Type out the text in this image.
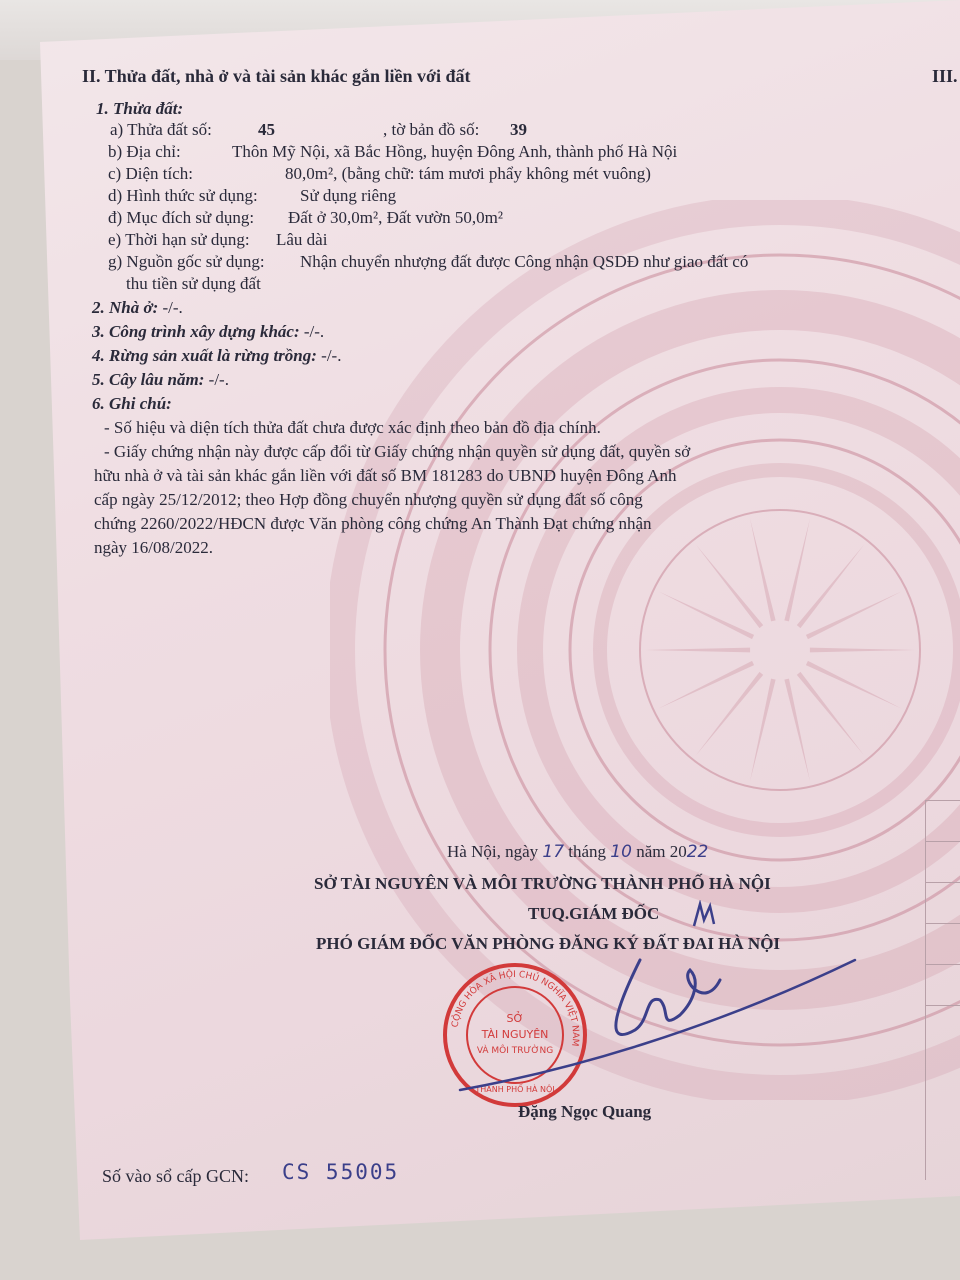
II. Thửa đất, nhà ở và tài sản khác gắn liền với đất	III.
1. Thửa đất:
a) Thửa đất số:	45	, tờ bản đồ số: 39
b) Địa chỉ:	Thôn Mỹ Nội, xã Bắc Hồng, huyện Đông Anh, thành phố Hà Nội
c) Diện tích:	80,0m², (bằng chữ: tám mươi phẩy không mét vuông)
d) Hình thức sử dụng: Sử dụng riêng
đ) Mục đích sử dụng: Đất ở 30,0m², Đất vườn 50,0m²
e) Thời hạn sử dụng: Lâu dài
g) Nguồn gốc sử dụng: Nhận chuyển nhượng đất được Công nhận QSDĐ như giao đất có
thu tiền sử dụng đất
2. Nhà ở: -/-.
3. Công trình xây dựng khác: -/-.
4. Rừng sản xuất là rừng trồng: -/-.
5. Cây lâu năm: -/-.
6. Ghi chú:
- Số hiệu và diện tích thửa đất chưa được xác định theo bản đồ địa chính.
- Giấy chứng nhận này được cấp đổi từ Giấy chứng nhận quyền sử dụng đất, quyền sở
hữu nhà ở và tài sản khác gắn liền với đất số BM 181283 do UBND huyện Đông Anh
cấp ngày 25/12/2012; theo Hợp đồng chuyển nhượng quyền sử dụng đất số công
chứng 2260/2022/HĐCN được Văn phòng công chứng An Thành Đạt chứng nhận
ngày 16/08/2022.
Hà Nội, ngày 17 tháng 10 năm 2022
SỞ TÀI NGUYÊN VÀ MÔI TRƯỜNG THÀNH PHỐ HÀ NỘI
TUQ.GIÁM ĐỐC
PHÓ GIÁM ĐỐC VĂN PHÒNG ĐĂNG KÝ ĐẤT ĐAI HÀ NỘI
CỘNG HÒA XÃ HỘI CHỦ NGHĨA VIỆT NAM
SỞ
TÀI NGUYÊN
VÀ MÔI TRƯỜNG
THÀNH PHỐ HÀ NỘI
Đặng Ngọc Quang
Số vào sổ cấp GCN: CS 55005
